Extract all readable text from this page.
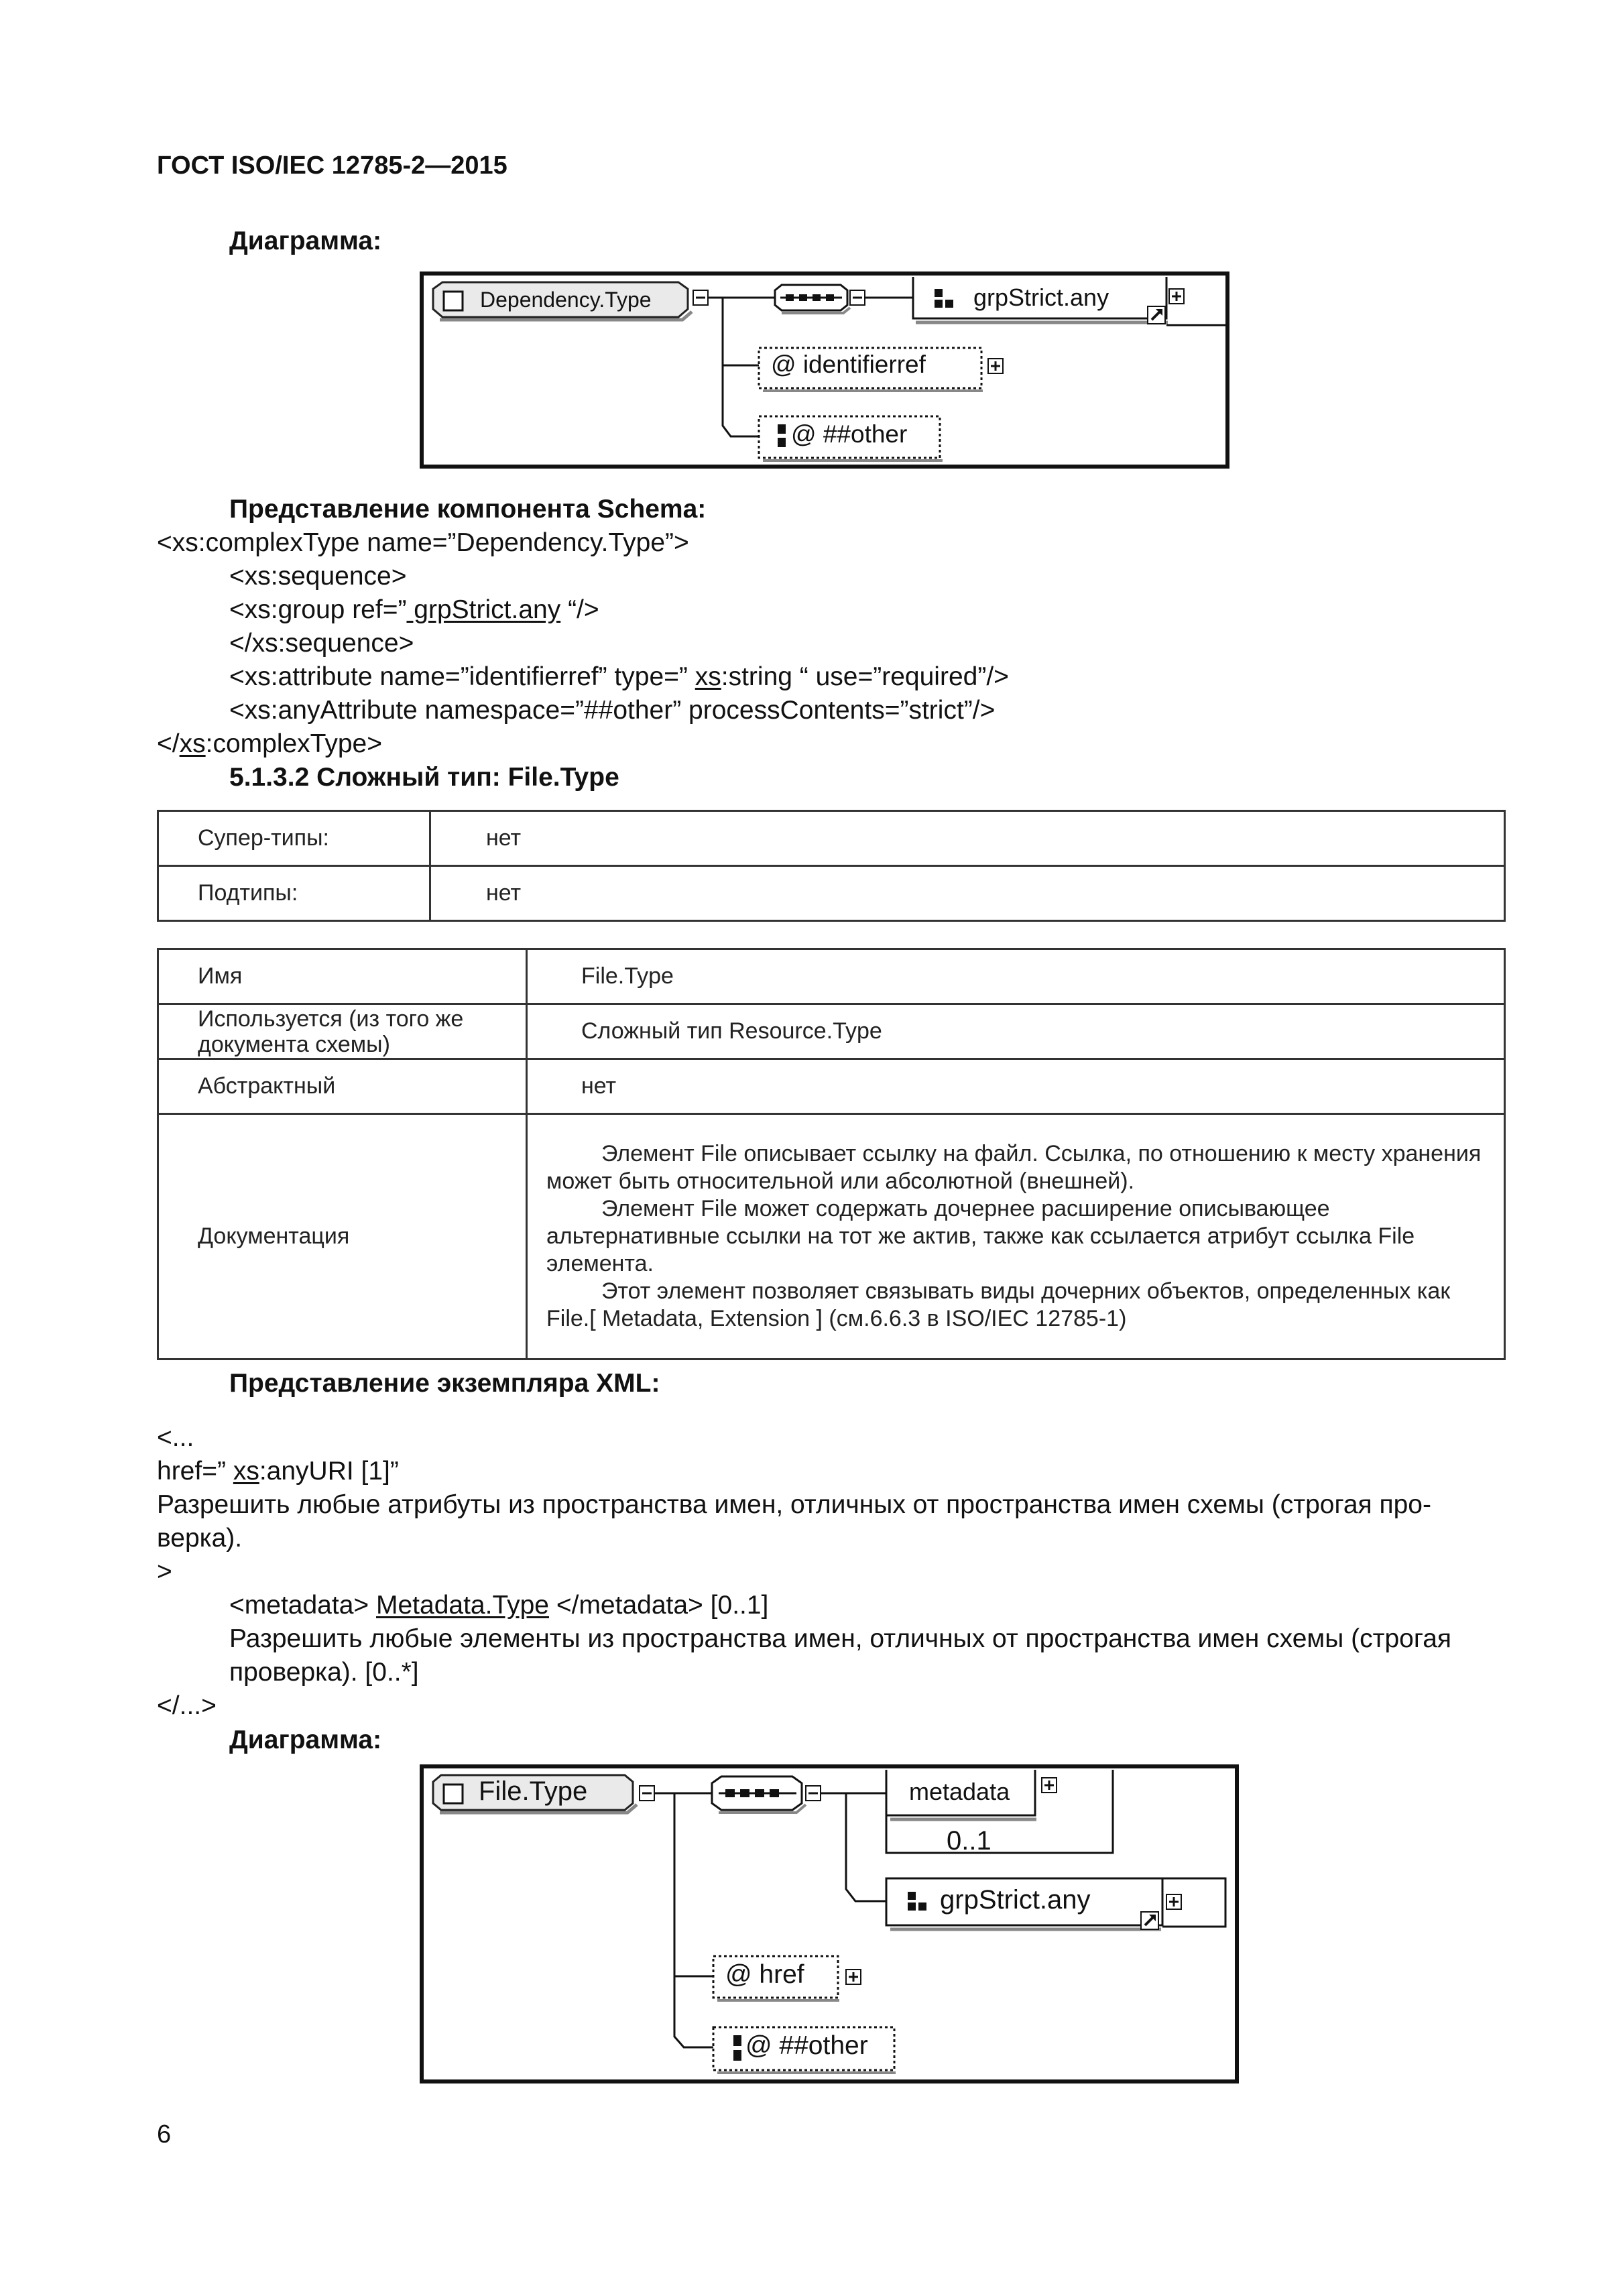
ГОСТ ISO/IEC 12785-2—2015
Диаграмма:
Dependency.Type	grpStrict.any
@ identifierref
@ ##other
Представление компонента Schema:
<xs:complexType name=”Dependency.Type”>
<xs:sequence>
<xs:group ref=” grpStrict.any “/>
</xs:sequence>
<xs:attribute name=”identifierref” type=” xs:string “ use=”required”/>
<xs:anyAttribute namespace=”##other” processContents=”strict”/>
</xs:complexType>
5.1.3.2 Сложный тип: File.Type
Супер-типы:	нет
Подтипы:	нет
Имя	File.Type
Используется (из того же документа схемы)	Сложный тип Resource.Type
Абстрактный	нет
Документация	Элемент File описывает ссылку на файл. Ссылка, по отношению к месту хранения может быть относительной или абсолютной (внешней).

Элемент File может содержать дочернее расширение описывающее альтернативные ссылки на тот же актив, также как ссылается атрибут ссылка File элемента.

Этот элемент позволяет связывать виды дочерних объектов, определенных как File.[ Metadata, Extension ] (см.6.6.3 в ISO/IEC 12785-1)

Представление экземпляра XML:
<...
href=” xs:anyURI [1]”
Разрешить любые атрибуты из пространства имен, отличных от пространства имен схемы (строгая про-
верка).
>
<metadata> Metadata.Type </metadata> [0..1]
Разрешить любые элементы из пространства имен, отличных от пространства имен схемы (строгая
проверка). [0..*]
</...>
Диаграмма:
File.Type	metadata
0..1
grpStrict.any
@ href
@ ##other
6
